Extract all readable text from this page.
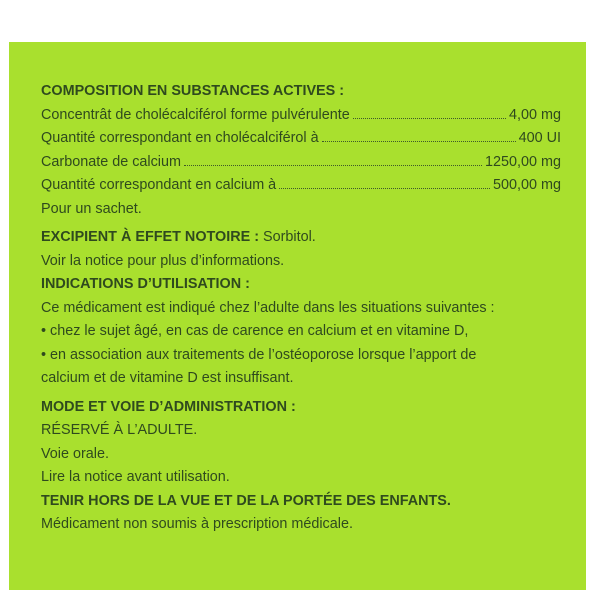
COMPOSITION EN SUBSTANCES ACTIVES :
Concentrât de cholécalciférol forme pulvérulente	4,00 mg
Quantité correspondant en cholécalciférol à	400 UI
Carbonate de calcium	1250,00 mg
Quantité correspondant en calcium à	500,00 mg
Pour un sachet.
EXCIPIENT À EFFET NOTOIRE : Sorbitol.
Voir la notice pour plus d’informations.
INDICATIONS D’UTILISATION :
Ce médicament est indiqué chez l’adulte dans les situations suivantes :
• chez le sujet âgé, en cas de carence en calcium et en vitamine D,
• en association aux traitements de l’ostéoporose lorsque l’apport de
calcium et de vitamine D est insuffisant.
MODE ET VOIE D’ADMINISTRATION :
RÉSERVÉ À L’ADULTE.
Voie orale.
Lire la notice avant utilisation.
TENIR HORS DE LA VUE ET DE LA PORTÉE DES ENFANTS.
Médicament non soumis à prescription médicale.
